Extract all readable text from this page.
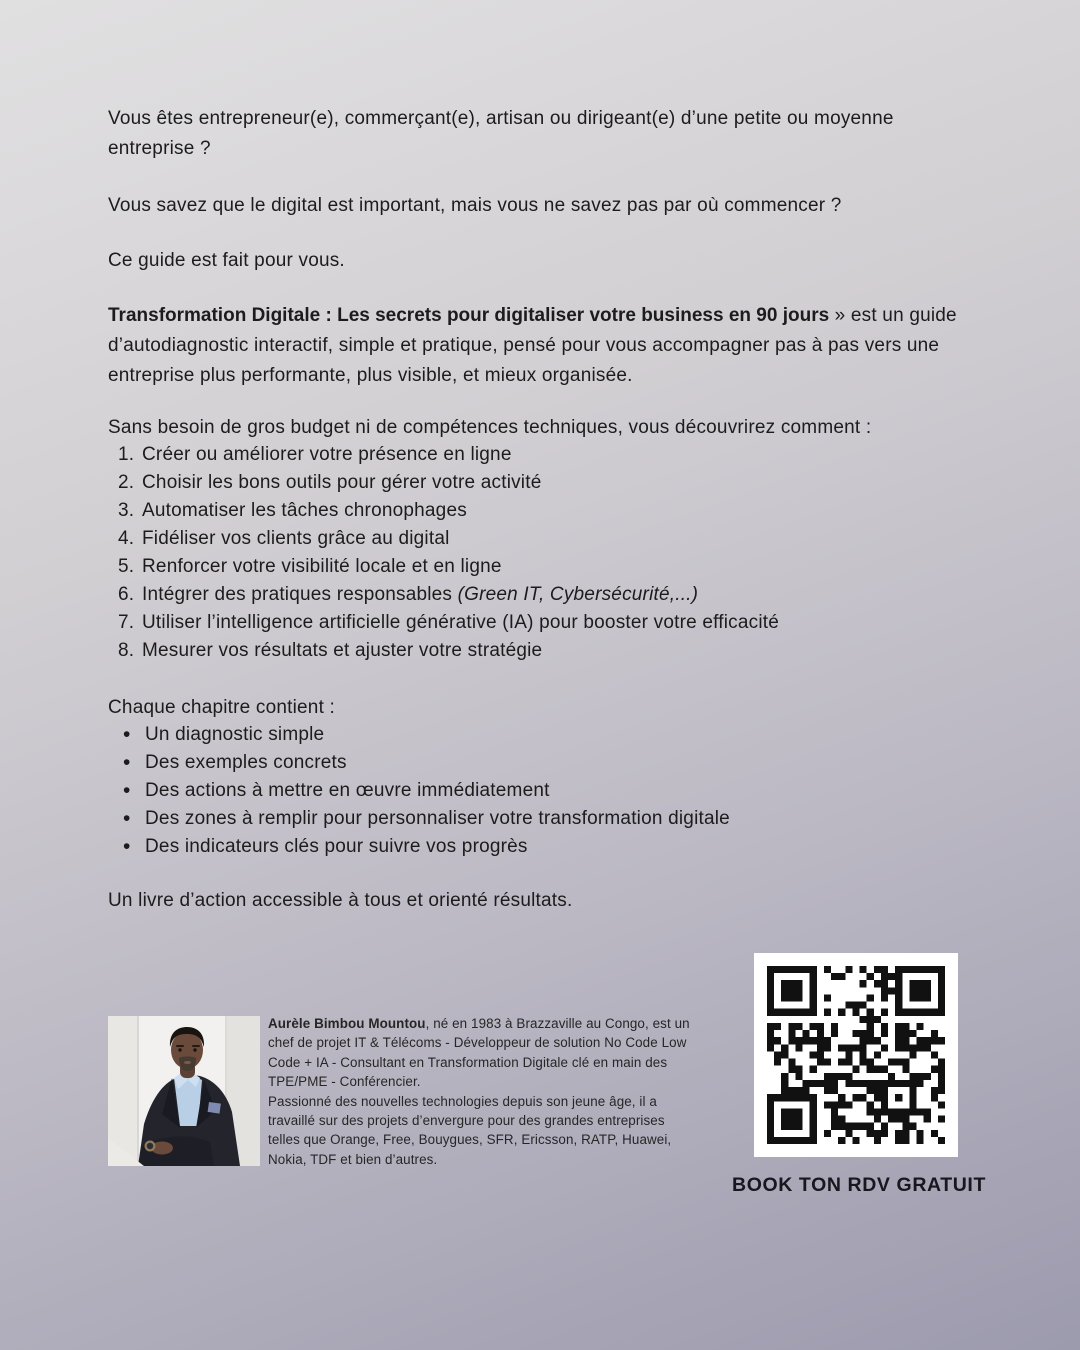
Vous êtes entrepreneur(e), commerçant(e), artisan ou dirigeant(e) d’une petite ou moyenne entreprise ?

Vous savez que le digital est important, mais vous ne savez pas par où commencer ?

Ce guide est fait pour vous.

Transformation Digitale : Les secrets pour digitaliser votre business en 90 jours » est un guide d’autodiagnostic interactif, simple et pratique, pensé pour vous accompagner pas à pas vers une entreprise plus performante, plus visible, et mieux organisée.

Sans besoin de gros budget ni de compétences techniques, vous découvrirez comment :

Créer ou améliorer votre présence en ligne
Choisir les bons outils pour gérer votre activité
Automatiser les tâches chronophages
Fidéliser vos clients grâce au digital
Renforcer votre visibilité locale et en ligne
Intégrer des pratiques responsables (Green IT, Cybersécurité,...)
Utiliser l’intelligence artificielle générative (IA) pour booster votre efficacité
Mesurer vos résultats et ajuster votre stratégie

Chaque chapitre contient :

• Un diagnostic simple
• Des exemples concrets
• Des actions à mettre en œuvre immédiatement
• Des zones à remplir pour personnaliser votre transformation digitale
• Des indicateurs clés pour suivre vos progrès

Un livre d’action accessible à tous et orienté résultats.

Aurèle Bimbou Mountou, né en 1983 à Brazzaville au Congo, est un chef de projet IT & Télécoms - Développeur de solution No Code Low Code + IA - Consultant en Transformation Digitale clé en main des TPE/PME - Conférencier.
Passionné des nouvelles technologies depuis son jeune âge, il a travaillé sur des projets d’envergure pour des grandes entreprises telles que Orange, Free, Bouygues, SFR, Ericsson, RATP, Huawei, Nokia, TDF et bien d’autres.
BOOK TON RDV GRATUIT
